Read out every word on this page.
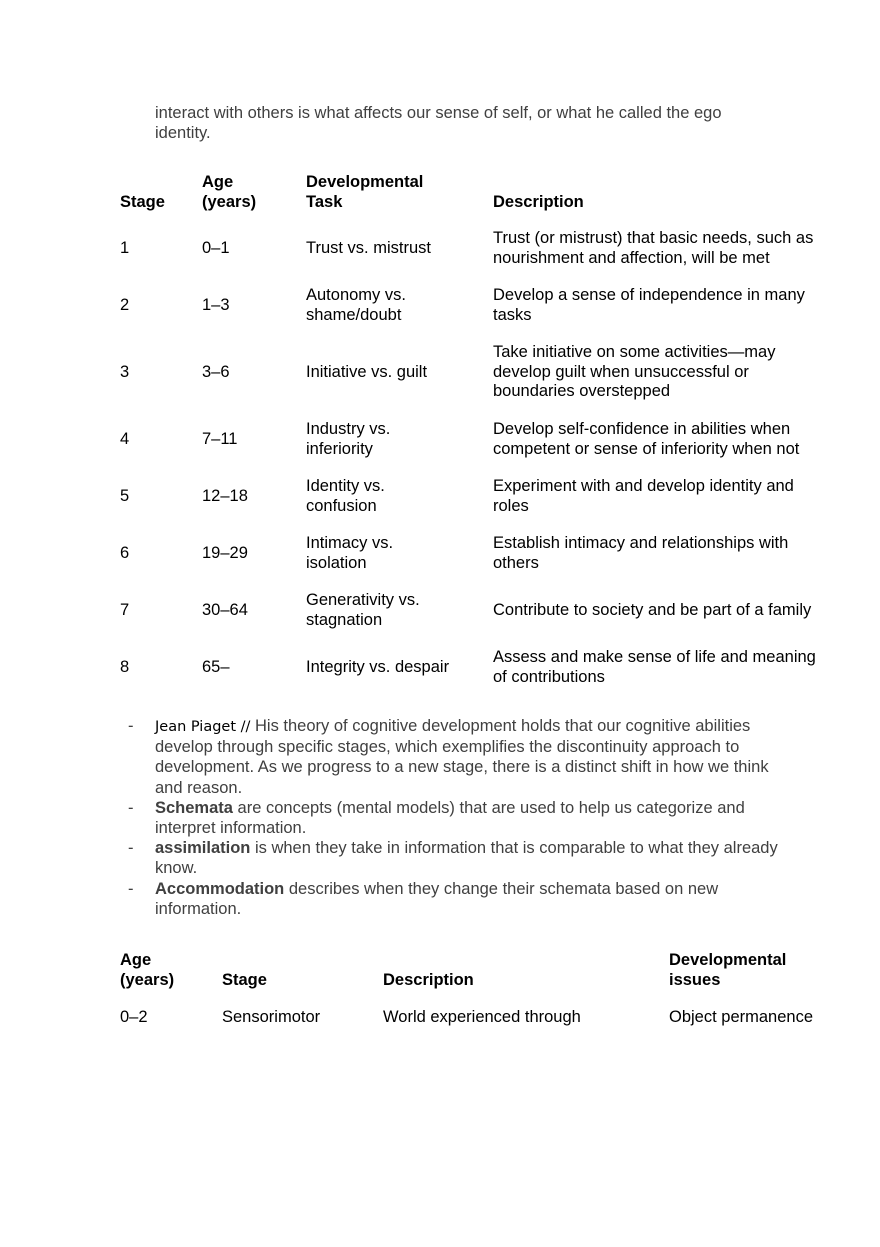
interact with others is what affects our sense of self, or what he called the ego identity.
Stage	Age (years)	Developmental Task	Description
1	0–1	Trust vs. mistrust	Trust (or mistrust) that basic needs, such as nourishment and affection, will be met
2	1–3	Autonomy vs. shame/doubt	Develop a sense of independence in many tasks
3	3–6	Initiative vs. guilt	Take initiative on some activities—may develop guilt when unsuccessful or boundaries overstepped
4	7–11	Industry vs. inferiority	Develop self-confidence in abilities when competent or sense of inferiority when not
5	12–18	Identity vs. confusion	Experiment with and develop identity and roles
6	19–29	Intimacy vs. isolation	Establish intimacy and relationships with others
7	30–64	Generativity vs. stagnation	Contribute to society and be part of a family
8	65–	Integrity vs. despair	Assess and make sense of life and meaning of contributions
- Jean Piaget // His theory of cognitive development holds that our cognitive abilities develop through specific stages, which exemplifies the discontinuity approach to development. As we progress to a new stage, there is a distinct shift in how we think and reason.
- Schemata are concepts (mental models) that are used to help us categorize and interpret information.
- assimilation is when they take in information that is comparable to what they already know.
- Accommodation describes when they change their schemata based on new information.
Age (years)	Stage	Description	Developmental issues

0–2	Sensorimotor	World experienced through	Object permanence
